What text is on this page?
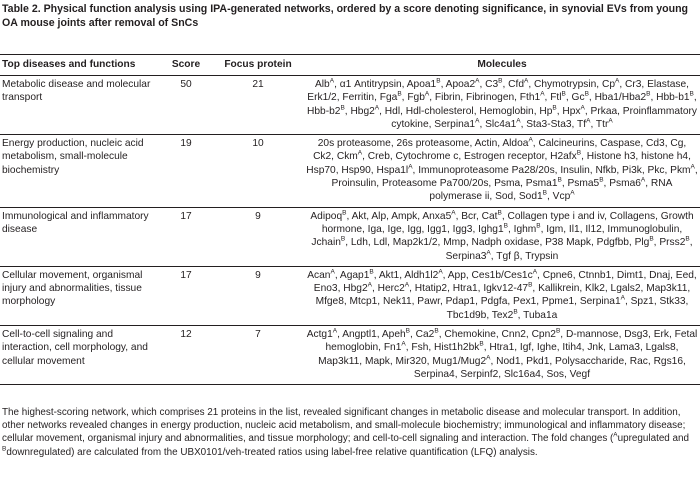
Table 2. Physical function analysis using IPA-generated networks, ordered by a score denoting significance, in synovial EVs from young OA mouse joints after removal of SnCs
Top diseases and functions	Score	Focus protein	Molecules
Metabolic disease and molecular transport	50	21	Alb$^A$, α1 Antitrypsin, $Apoa1^B$, $Apoa2^A$, $C3^B$, Cfd$^A$, Chymotrypsin, $Cp^A$, Cr3, Elastase, Erk1/2, Ferritin, Fga$^B$, Fgb$^A$, Fibrin, Fibrinogen, $Fth1^A$, Ftl$^B$, $Gc^B$, $Hba1/Hba2^B$, Hbb-$b1^B$, Hbb-$b2^B$, $Hbg2^A$, Hdl, Hdl-cholesterol, Hemoglobin, $Hp^B$, Hpx$^A$, Prkaa, Proinflammatory cytokine, $Serpina1^A$, $Slc4a1^A$, Sta3-Sta3, $Tf^A$, Ttr$^A$
Energy production, nucleic acid metabolism, small-molecule biochemistry	19	10	20s proteasome, 26s proteasome, Actin, Aldoa$^A$, Calcineurins, Caspase, Cd3, Cg, Ck2, Ckm$^A$, Creb, Cytochrome c, Estrogen receptor, H2afx$^B$, Histone h3, histone h4, Hsp70, Hsp90, $Hspa1l^A$, Immunoproteasome Pa28/20s, Insulin, Nfkb, Pi3k, Pkc, Pkm$^A$, Proinsulin, Proteasome Pa700/20s, Psma, $Psma1^B$, $Psma5^B$, $Psma6^A$, RNA polymerase ii, Sod, $Sod1^B$, Vcp$^A$
Immunological and inflammatory disease	17	9	Adipoq$^B$, Akt, Alp, Ampk, $Anxa5^A$, Bcr, Cat$^B$, Collagen type i and iv, Collagens, Growth hormone, Iga, Ige, Igg, Igg1, Igg3, $Ighg1^B$, Ighm$^B$, Igm, Il1, Il12, Immunoglobulin, Jchain$^B$, Ldh, Ldl, Map2k1/2, Mmp, Nadph oxidase, P38 Mapk, Pdgfbb, Plg$^B$, $Prss2^B$, $Serpina3^A$, Tgf β, Trypsin
Cellular movement, organismal injury and abnormalities, tissue morphology	17	9	Acan$^A$, $Agap1^B$, Akt1, $Aldh1l2^A$, App, $Ces1b/Ces1c^A$, Cpne6, Ctnnb1, Dimt1, Dnaj, Eed, Eno3, $Hbg2^A$, $Herc2^A$, Htatip2, Htra1, $Igkv12-47^B$, Kallikrein, Klk2, Lgals2, Map3k11, Mfge8, Mtcp1, Nek11, Pawr, Pdap1, Pdgfa, Pex1, Ppme1, $Serpina1^A$, Spz1, Stk33, Tbc1d9b, $Tex2^B$, Tuba1a
Cell-to-cell signaling and interaction, cell morphology, and cellular movement	12	7	$Actg1^A$, Angptl1, Apeh$^B$, $Ca2^B$, Chemokine, Cnn2, $Cpn2^B$, D-mannose, Dsg3, Erk, Fetal hemoglobin, $Fn1^A$, Fsh, $Hist1h2bk^B$, Htra1, Igf, Ighe, Itih4, Jnk, Lama3, Lgals8, Map3k11, Mapk, Mir320, $Mug1/Mug2^A$, Nod1, Pkd1, Polysaccharide, Rac, Rgs16, Serpina4, Serpinf2, Slc16a4, Sos, Vegf
The highest-scoring network, which comprises 21 proteins in the list, revealed significant changes in metabolic disease and molecular transport. In addition, other networks revealed changes in energy production, nucleic acid metabolism, and small-molecule biochemistry; immunological and inflammatory disease; cellular movement, organismal injury and abnormalities, and tissue morphology; and cell-to-cell signaling and interaction. The fold changes ($^A$upregulated and $^B$downregulated) are calculated from the UBX0101/veh-treated ratios using label-free relative quantification (LFQ) analysis.
